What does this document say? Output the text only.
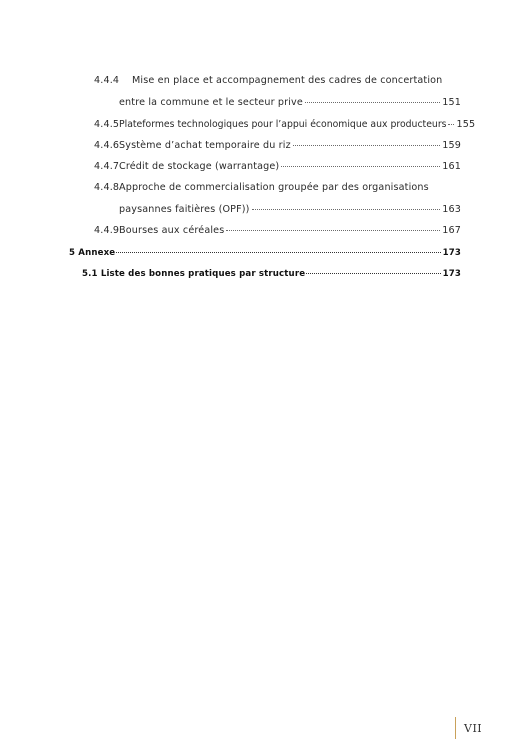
4.4.4	Mise en place et accompagnement des cadres de concertation
entre la commune et le secteur prive	151
4.4.5 Plateformes technologiques pour l’appui économique aux producteurs 155
4.4.6 Système d’achat temporaire du riz	159
4.4.7 Crédit de stockage (warrantage)	161
4.4.8 Approche de commercialisation groupée par des organisations
paysannes faitières (OPF))	163
4.4.9 Bourses aux céréales	167
5 Annexe	173
5.1 Liste des bonnes pratiques par structure	173
VII
